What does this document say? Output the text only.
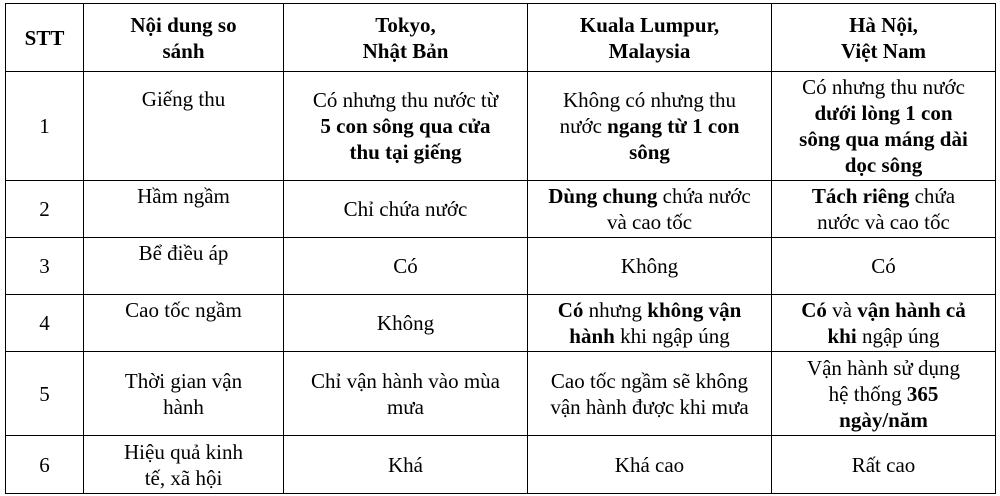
STT	Nội dung so
sánh	Tokyo,
Nhật Bản	Kuala Lumpur,
Malaysia	Hà Nội,
Việt Nam

1	Giếng thu	Có nhưng thu nước từ
5 con sông qua cửa
thu tại giếng	Không có nhưng thu
nước ngang từ 1 con
sông	Có nhưng thu nước
dưới lòng 1 con
sông qua máng dài
dọc sông

2	Hầm ngầm	Chỉ chứa nước	Dùng chung chứa nước
và cao tốc	Tách riêng chứa
nước và cao tốc

3	Bể điều áp	Có	Không	Có
4	Cao tốc ngầm	Không	Có nhưng không vận
hành khi ngập úng	Có và vận hành cả
khi ngập úng

5	Thời gian vận
hành	Chỉ vận hành vào mùa
mưa	Cao tốc ngầm sẽ không
vận hành được khi mưa	Vận hành sử dụng
hệ thống 365
ngày/năm

6	Hiệu quả kinh
tế, xã hội	Khá	Khá cao	Rất cao
